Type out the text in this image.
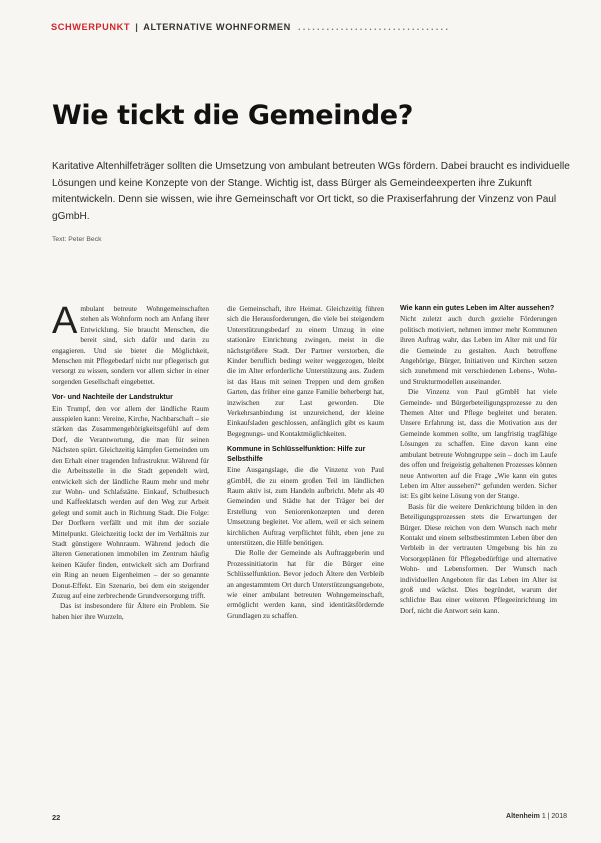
SCHWERPUNKT | ALTERNATIVE WOHNFORMEN ................................
Wie tickt die Gemeinde?
Karitative Altenhilfeträger sollten die Umsetzung von ambulant betreuten WGs fördern. Dabei braucht es individuelle Lösungen und keine Konzepte von der Stange. Wichtig ist, dass Bürger als Gemeindeexperten ihre Zukunft mitentwickeln. Denn sie wissen, wie ihre Gemeinschaft vor Ort tickt, so die Praxiserfahrung der Vinzenz von Paul gGmbH.
Text: Peter Beck
A mbulant betreute Wohngemeinschaften stehen als Wohnform noch am Anfang ihrer Entwicklung. Sie braucht Menschen, die bereit sind, sich dafür und darin zu engagieren. Und sie bietet die Möglichkeit, Menschen mit Pflegebedarf nicht nur pflegerisch gut versorgt zu wissen, sondern vor allem sicher in einer sorgenden Gesellschaft eingebettet.

Vor- und Nachteile der Landstruktur

Ein Trumpf, den vor allem der ländliche Raum ausspielen kann: Vereine, Kirche, Nachbarschaft – sie stärken das Zusammengehörigkeitsgefühl auf dem Dorf, die Verantwortung, die man für seinen Nächsten spürt. Gleichzeitig kämpfen Gemeinden um den Erhalt einer tragenden Infrastruktur. Während für die Arbeitsstelle in die Stadt gependelt wird, entwickelt sich der ländliche Raum mehr und mehr zur Wohn- und Schlafstätte. Einkauf, Schulbesuch und Kaffeeklatsch werden auf den Weg zur Arbeit gelegt und somit auch in Richtung Stadt. Die Folge: Der Dorfkern verfällt und mit ihm der soziale Mittelpunkt. Gleichzeitig lockt der im Verhältnis zur Stadt günstigere Wohnraum. Während jedoch die älteren Generationen immobilen im Zentrum häufig keinen Käufer finden, entwickelt sich am Dorfrand ein Ring an neuen Eigenheimen – der so genannte Donut-Effekt. Ein Szenario, bei dem ein steigender Zuzug auf eine zerbrechende Grundversorgung trifft.

Das ist insbesondere für Ältere ein Problem. Sie haben hier ihre Wurzeln,

die Gemeinschaft, ihre Heimat. Gleichzeitig führen sich die Herausforderungen, die viele bei steigendem Unterstützungsbedarf zu einem Umzug in eine stationäre Einrichtung zwingen, meist in die nächstgrößere Stadt. Der Partner verstorben, die Kinder beruflich bedingt weiter weggezogen, bleibt die im Alter erforderliche Unterstützung aus. Zudem ist das Haus mit seinen Treppen und dem großen Garten, das früher eine ganze Familie beherbergt hat, inzwischen zur Last geworden. Die Verkehrsanbindung ist unzureichend, der kleine Einkaufsladen geschlossen, anfänglich gibt es kaum Begegnungs- und Kontaktmöglichkeiten.

Kommune in Schlüsselfunktion: Hilfe zur Selbsthilfe

Eine Ausgangslage, die die Vinzenz von Paul gGmbH, die zu einem großen Teil im ländlichen Raum aktiv ist, zum Handeln aufbricht. Mehr als 40 Gemeinden und Städte hat der Träger bei der Erstellung von Seniorenkonzepten und deren Umsetzung begleitet. Vor allem, weil er sich seinem kirchlichen Auftrag verpflichtet fühlt, eben jene zu unterstützen, die Hilfe benötigen.

Die Rolle der Gemeinde als Auftraggeberin und Prozessinitiatorin hat für die Bürger eine Schlüsselfunktion. Bevor jedoch Ältere den Verbleib an angestammtem Ort durch Unterstützungsangebote, wie einer ambulant betreuten Wohngemeinschaft, ermöglicht werden kann, sind identitätsfördernde Grundlagen zu schaffen.

Wie kann ein gutes Leben im Alter aussehen?

Nicht zuletzt auch durch gezielte Förderungen politisch motiviert, nehmen immer mehr Kommunen ihren Auftrag wahr, das Leben im Alter mit und für die Gemeinde zu gestalten. Auch betroffene Angehörige, Bürger, Initiativen und Kirchen setzen sich zunehmend mit verschiedenen Lebens-, Wohn- und Strukturmodellen auseinander.

Die Vinzenz von Paul gGmbH hat viele Gemeinde- und Bürgerbeteiligungsprozesse zu den Themen Alter und Pflege begleitet und beraten. Unsere Erfahrung ist, dass die Motivation aus der Gemeinde kommen sollte, um langfristig tragfähige Lösungen zu schaffen. Eine davon kann eine ambulant betreute Wohngruppe sein – doch im Laufe des offen und freigeistig gehaltenen Prozesses können neue Antworten auf die Frage „Wie kann ein gutes Leben im Alter aussehen?“ gefunden werden. Sicher ist: Es gibt keine Lösung von der Stange.

Basis für die weitere Denkrichtung bilden in den Beteiligungsprozessen stets die Erwartungen der Bürger. Diese reichen von dem Wunsch nach mehr Kontakt und einem selbstbestimmten Leben über den Verbleib in der vertrauten Umgebung bis hin zu Vorsorgeplänen für Pflegebedürftige und alternative Wohn- und Lebensformen. Der Wunsch nach individuellen Angeboten für das Leben im Alter ist groß und wächst. Dies begründet, warum der schlichte Bau einer weiteren Pflegeeinrichtung im Dorf, nicht die Antwort sein kann.

22	Altenheim 1 | 2018
